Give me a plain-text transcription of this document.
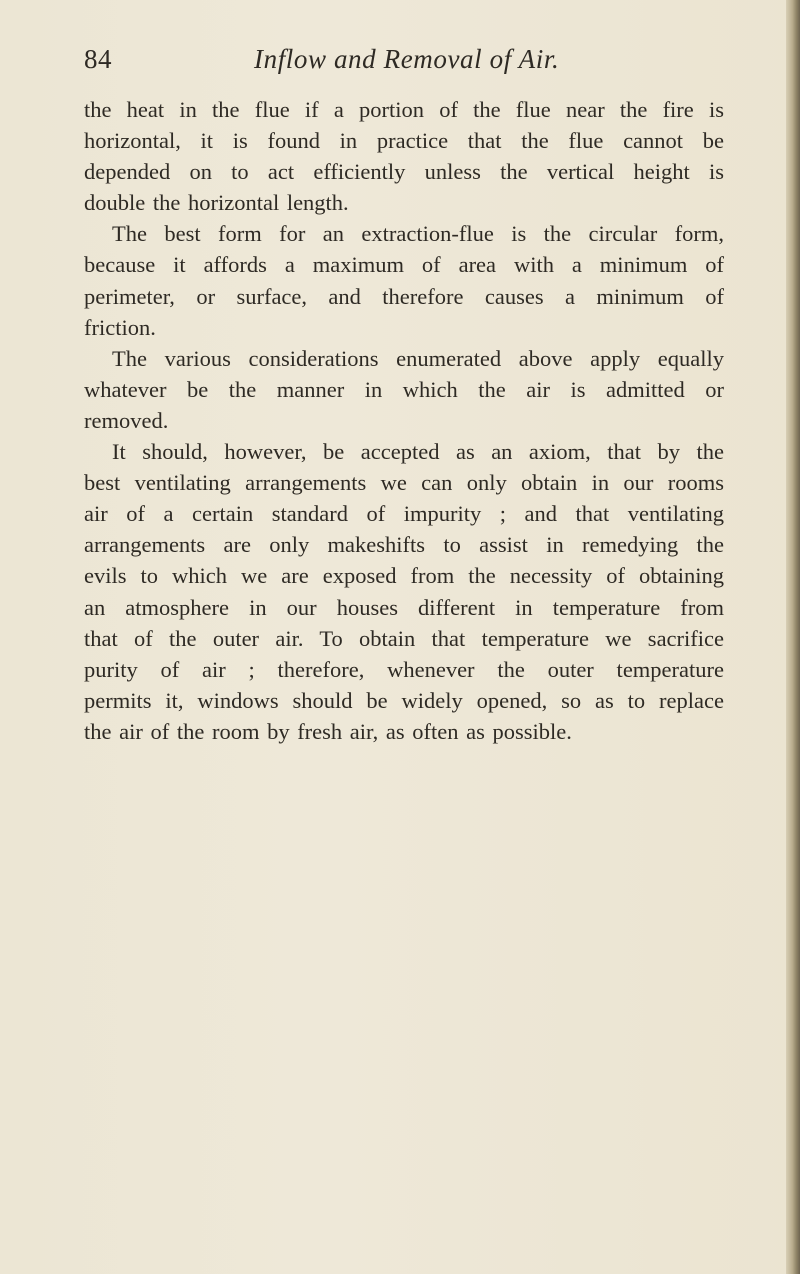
84	Inflow and Removal of Air.
the heat in the flue if a portion of the flue near the fire is
horizontal, it is found in practice that the flue cannot be
depended on to act efficiently unless the vertical height is
double the horizontal length.
The best form for an extraction-flue is the circular form,
because it affords a maximum of area with a minimum of
perimeter, or surface, and therefore causes a minimum of
friction.
The various considerations enumerated above apply equally
whatever be the manner in which the air is admitted or
removed.
It should, however, be accepted as an axiom, that by the
best ventilating arrangements we can only obtain in our rooms
air of a certain standard of impurity ; and that ventilating
arrangements are only makeshifts to assist in remedying the
evils to which we are exposed from the necessity of obtaining
an atmosphere in our houses different in temperature from
that of the outer air. To obtain that temperature we sacrifice
purity of air ; therefore, whenever the outer temperature
permits it, windows should be widely opened, so as to replace
the air of the room by fresh air, as often as possible.
